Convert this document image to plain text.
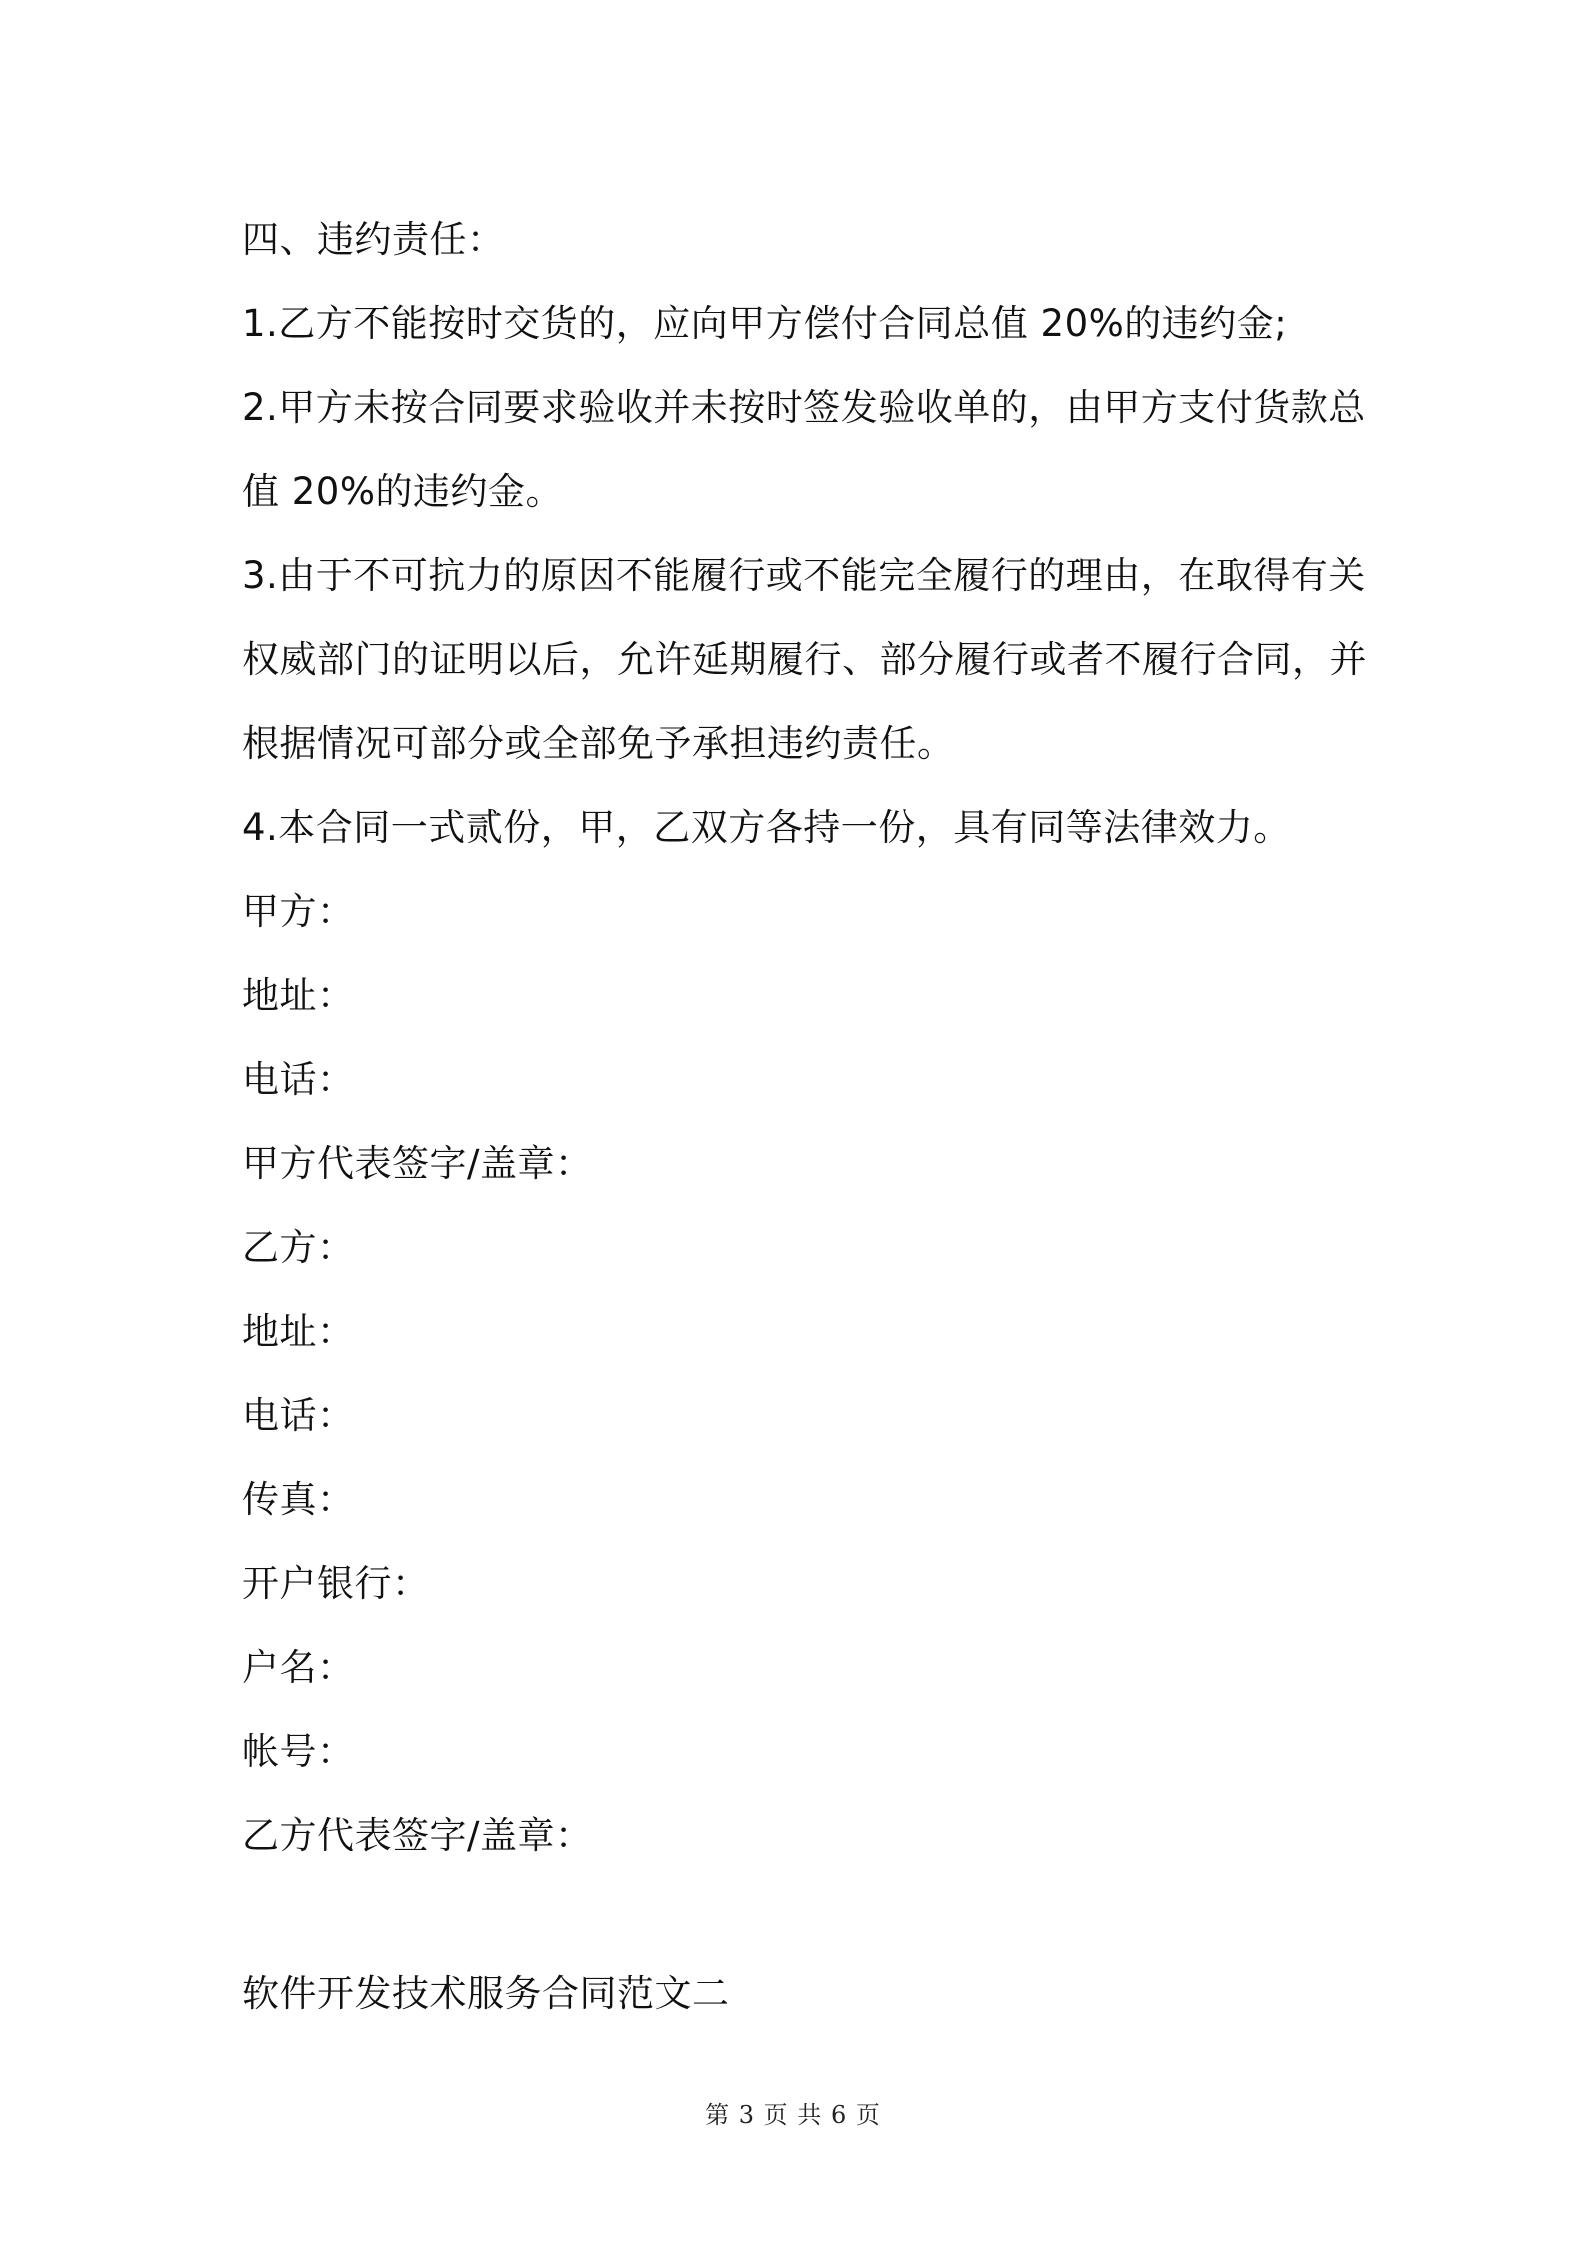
四、违约责任：
1.乙方不能按时交货的，应向甲方偿付合同总值 20%的违约金;
2.甲方未按合同要求验收并未按时签发验收单的，由甲方支付货款总
值 20%的违约金。
3.由于不可抗力的原因不能履行或不能完全履行的理由，在取得有关
权威部门的证明以后，允许延期履行、部分履行或者不履行合同，并
根据情况可部分或全部免予承担违约责任。
4.本合同一式贰份，甲，乙双方各持一份，具有同等法律效力。
甲方：
地址：
电话：
甲方代表签字/盖章：
乙方：
地址：
电话：
传真：
开户银行：
户名：
帐号：
乙方代表签字/盖章：
软件开发技术服务合同范文二
第 3 页 共 6 页
